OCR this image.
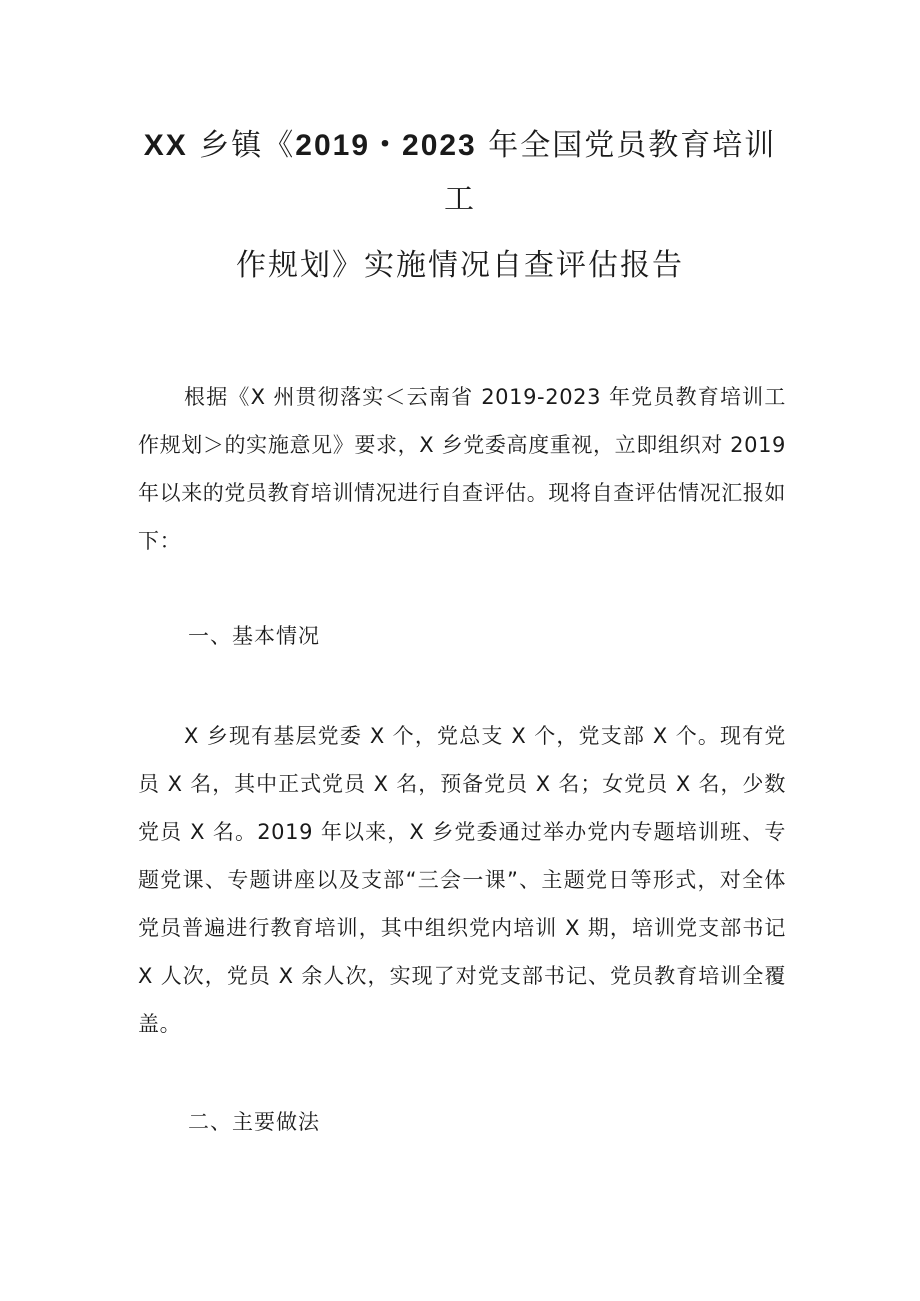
XX 乡镇《2019・2023 年全国党员教育培训
工
作规划》实施情况自查评估报告

根据《X 州贯彻落实＜云南省 2019-2023 年党员教育培训工作规划＞的实施意见》要求，X 乡党委高度重视，立即组织对 2019 年以来的党员教育培训情况进行自查评估。现将自查评估情况汇报如下：

一、基本情况

X 乡现有基层党委 X 个，党总支 X 个，党支部 X 个。现有党员 X 名，其中正式党员 X 名，预备党员 X 名；女党员 X 名，少数党员 X 名。2019 年以来，X 乡党委通过举办党内专题培训班、专题党课、专题讲座以及支部“三会一课”、主题党日等形式，对全体党员普遍进行教育培训，其中组织党内培训 X 期，培训党支部书记 X 人次，党员 X 余人次，实现了对党支部书记、党员教育培训全覆盖。

二、主要做法
